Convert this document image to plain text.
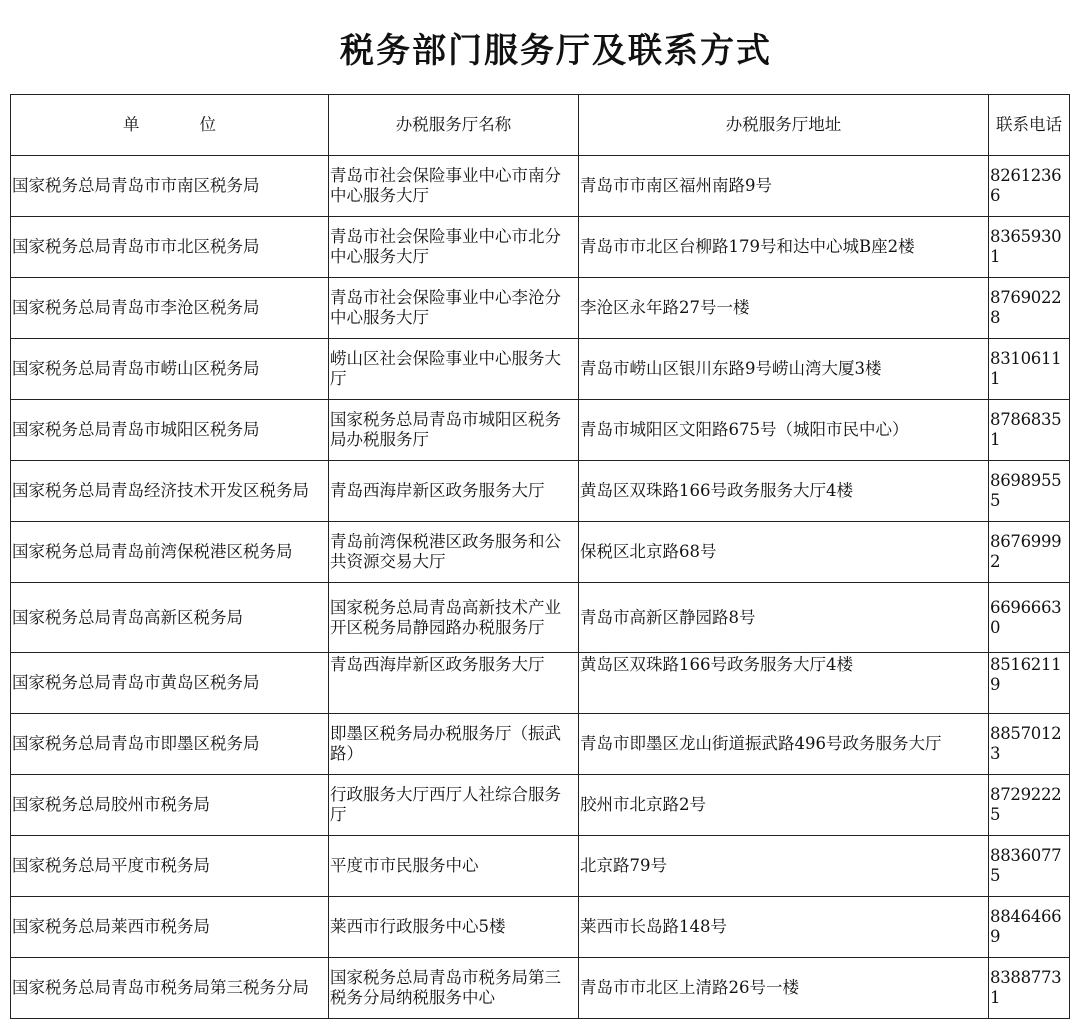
税务部门服务厅及联系方式
单 位	办税服务厅名称	办税服务厅地址	联系电话
国家税务总局青岛市市南区税务局	青岛市社会保险事业中心市南分中心服务大厅	青岛市市南区福州南路9号	82612366
国家税务总局青岛市市北区税务局	青岛市社会保险事业中心市北分中心服务大厅	青岛市市北区台柳路179号和达中心城B座2楼	83659301
国家税务总局青岛市李沧区税务局	青岛市社会保险事业中心李沧分中心服务大厅	李沧区永年路27号一楼	87690228
国家税务总局青岛市崂山区税务局	崂山区社会保险事业中心服务大厅	青岛市崂山区银川东路9号崂山湾大厦3楼	83106111
国家税务总局青岛市城阳区税务局	国家税务总局青岛市城阳区税务局办税服务厅	青岛市城阳区文阳路675号（城阳市民中心）	87868351
国家税务总局青岛经济技术开发区税务局	青岛西海岸新区政务服务大厅	黄岛区双珠路166号政务服务大厅4楼	86989555
国家税务总局青岛前湾保税港区税务局	青岛前湾保税港区政务服务和公共资源交易大厅	保税区北京路68号	86769992
国家税务总局青岛高新区税务局	国家税务总局青岛高新技术产业开区税务局静园路办税服务厅	青岛市高新区静园路8号	66966630
国家税务总局青岛市黄岛区税务局	青岛西海岸新区政务服务大厅	黄岛区双珠路166号政务服务大厅4楼	85162119
国家税务总局青岛市即墨区税务局	即墨区税务局办税服务厅（振武路）	青岛市即墨区龙山街道振武路496号政务服务大厅	88570123
国家税务总局胶州市税务局	行政服务大厅西厅人社综合服务厅	胶州市北京路2号	87292225
国家税务总局平度市税务局	平度市市民服务中心	北京路79号	88360775
国家税务总局莱西市税务局	莱西市行政服务中心5楼	莱西市长岛路148号	88464669
国家税务总局青岛市税务局第三税务分局	国家税务总局青岛市税务局第三税务分局纳税服务中心	青岛市市北区上清路26号一楼	83887731
